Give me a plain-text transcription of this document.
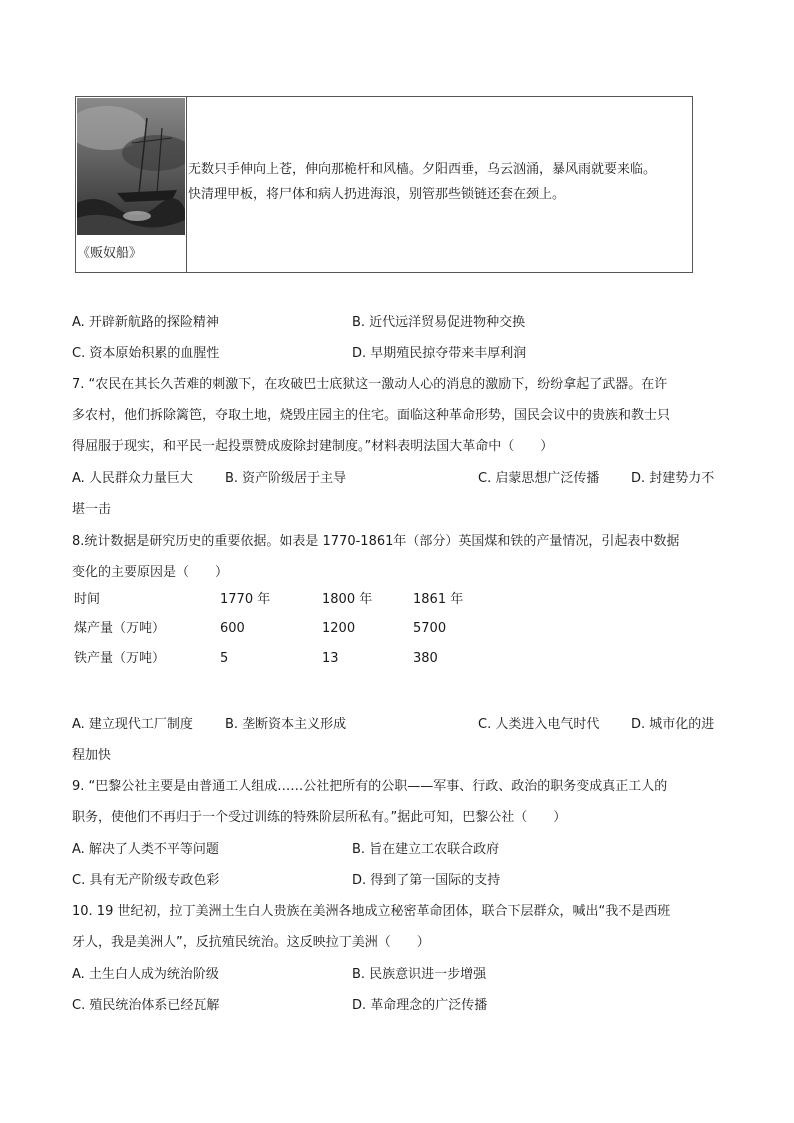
《贩奴船》
无数只手伸向上苍，伸向那桅杆和风樯。夕阳西垂，乌云汹涌，暴风雨就要来临。
快清理甲板，将尸体和病人扔进海浪，别管那些锁链还套在颈上。
A. 开辟新航路的探险精神	B. 近代远洋贸易促进物种交换
C. 资本原始积累的血腥性	D. 早期殖民掠夺带来丰厚利润
7. “农民在其长久苦难的刺激下，在攻破巴士底狱这一激动人心的消息的激励下，纷纷拿起了武器。在许
多农村，他们拆除篱笆，夺取土地，烧毁庄园主的住宅。面临这种革命形势，国民会议中的贵族和教士只
得屈服于现实，和平民一起投票赞成废除封建制度。”材料表明法国大革命中（　　）
A. 人民群众力量巨大 B. 资产阶级居于主导	C. 启蒙思想广泛传播 D. 封建势力不
堪一击
8.统计数据是研究历史的重要依据。如表是 1770-1861年（部分）英国煤和铁的产量情况，引起表中数据
变化的主要原因是（　　）
时间	1770 年	1800 年	1861 年
煤产量（万吨）	600	1200	5700
铁产量（万吨）	5	13	380
A. 建立现代工厂制度 B. 垄断资本主义形成	C. 人类进入电气时代 D. 城市化的进
程加快
9. “巴黎公社主要是由普通工人组成……公社把所有的公职——军事、行政、政治的职务变成真正工人的
职务，使他们不再归于一个受过训练的特殊阶层所私有。”据此可知，巴黎公社（　　）
A. 解决了人类不平等问题	B. 旨在建立工农联合政府
C. 具有无产阶级专政色彩	D. 得到了第一国际的支持
10. 19 世纪初，拉丁美洲土生白人贵族在美洲各地成立秘密革命团体，联合下层群众，喊出“我不是西班
牙人，我是美洲人”，反抗殖民统治。这反映拉丁美洲（　　）
A. 土生白人成为统治阶级	B. 民族意识进一步增强
C. 殖民统治体系已经瓦解	D. 革命理念的广泛传播
